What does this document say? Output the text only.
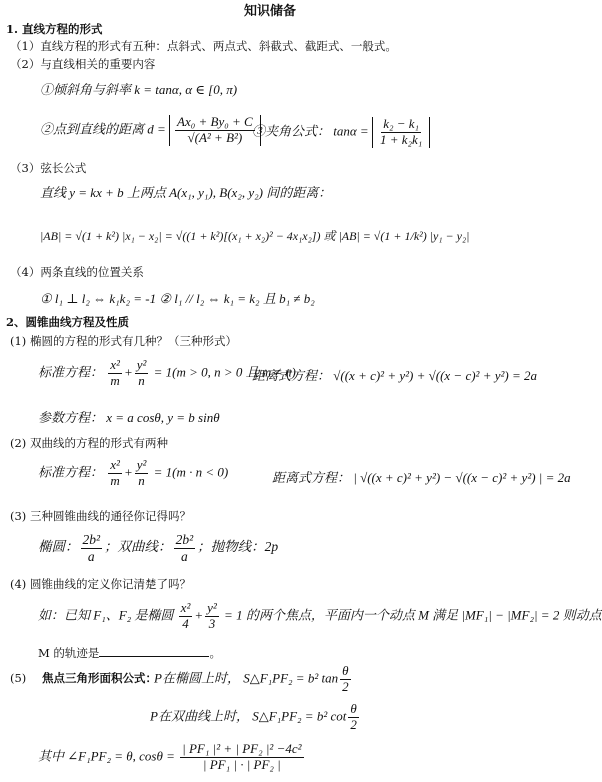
知识储备
1. 直线方程的形式
（1）直线方程的形式有五种：点斜式、两点式、斜截式、截距式、一般式。
（2）与直线相关的重要内容
①倾斜角与斜率 k = tanα, α ∈ [0, π)
②点到直线的距离 $d = \frac{\text{Ax₀ + By₀ + C}}{\text{√(A² + B²)}}$
③夹角公式： $\tan\alpha = \frac{\text{k₂ − k₁}}{\text{1 + k₂k₁}}$
（3）弦长公式
直线 y = kx + b 上两点 A(x₁, y₁), B(x₂, y₂) 间的距离：
|AB| = √(1 + k²) |x₁ − x₂| = √((1 + k²)[(x₁ + x₂)² − 4x₁x₂]) 或 |AB| = √(1 + 1/k²) |y₁ − y₂|
（4）两条直线的位置关系
① l₁ ⊥ l₂ ⇔ k₁k₂ = -1 ② l₁ // l₂ ⇔ k₁ = k₂ 且 b₁ ≠ b₂
2、圆锥曲线方程及性质
(1) 椭圆的方程的形式有几种？（三种形式）
标准方程： $\frac{\text{x²}}{m} + \frac{\text{y²}}{n} = 1(m > 0$, n > 0 且 m ≠ n)
距离式方程： √((x + c)² + y²) + √((x − c)² + y²) = 2a
参数方程： x = a cosθ, y = b sinθ
(2) 双曲线的方程的形式有两种
标准方程： $\frac{\text{x²}}{m} + \frac{\text{y²}}{n} = 1(m \cdot n < 0)$	距离式方程： | √((x + c)² + y²) − √((x − c)² + y²) | = 2a
(3) 三种圆锥曲线的通径你记得吗？
椭圆： $\frac{\text{2b²}}{a}$ ；双曲线： $\frac{\text{2b²}}{a}$ ；抛物线：2p
(4) 圆锥曲线的定义你记清楚了吗？
如：已知 F₁、F₂ 是椭圆 $\frac{\text{x²}}{4} + \frac{\text{y²}}{3} = 1$ 的两个焦点，平面内一个动点 M 满足 |MF₁| − |MF₂| = 2 则动点
M 的轨迹是	。
(5) 焦点三角形面积公式：
P在椭圆上时， S△F₁PF₂ = b² $\tan \frac{\theta}{2}$
P在双曲线上时， S△F₁PF₂ = b² $\cot \frac{\theta}{2}$
其中 ∠F₁PF₂ = θ, $\cos\theta = \frac{\text{| PF₁ |² + | PF₂ |² −4c²}}{\text{| PF₁ | · | PF₂ |}}$
